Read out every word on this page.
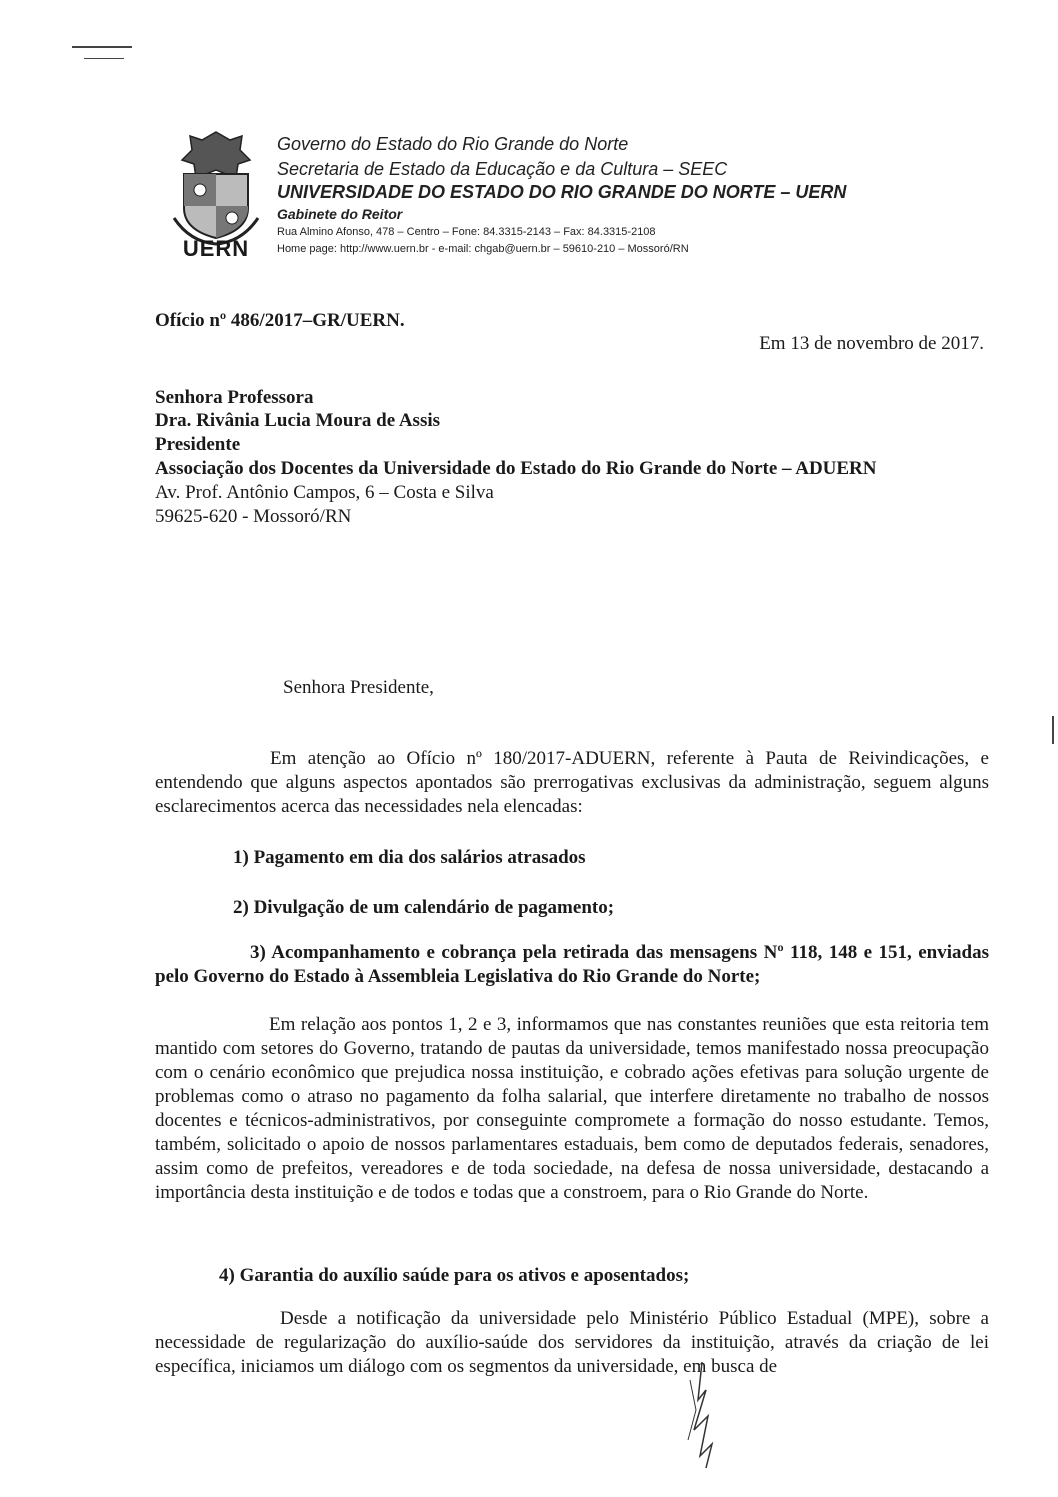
UERN
Governo do Estado do Rio Grande do Norte
Secretaria de Estado da Educação e da Cultura – SEEC
UNIVERSIDADE DO ESTADO DO RIO GRANDE DO NORTE – UERN
Gabinete do Reitor
Rua Almino Afonso, 478 – Centro – Fone: 84.3315-2143 – Fax: 84.3315-2108
Home page: http://www.uern.br - e-mail: chgab@uern.br – 59610-210 – Mossoró/RN
Ofício nº 486/2017–GR/UERN.
Em 13 de novembro de 2017.
Senhora Professora
Dra. Rivânia Lucia Moura de Assis
Presidente
Associação dos Docentes da Universidade do Estado do Rio Grande do Norte – ADUERN
Av. Prof. Antônio Campos, 6 – Costa e Silva
59625-620 - Mossoró/RN
Senhora Presidente,
Em atenção ao Ofício nº 180/2017-ADUERN, referente à Pauta de Reivindicações, e entendendo que alguns aspectos apontados são prerrogativas exclusivas da administração, seguem alguns esclarecimentos acerca das necessidades nela elencadas:
1) Pagamento em dia dos salários atrasados
2) Divulgação de um calendário de pagamento;
3) Acompanhamento e cobrança pela retirada das mensagens Nº 118, 148 e 151, enviadas pelo Governo do Estado à Assembleia Legislativa do Rio Grande do Norte;
Em relação aos pontos 1, 2 e 3, informamos que nas constantes reuniões que esta reitoria tem mantido com setores do Governo, tratando de pautas da universidade, temos manifestado nossa preocupação com o cenário econômico que prejudica nossa instituição, e cobrado ações efetivas para solução urgente de problemas como o atraso no pagamento da folha salarial, que interfere diretamente no trabalho de nossos docentes e técnicos-administrativos, por conseguinte compromete a formação do nosso estudante. Temos, também, solicitado o apoio de nossos parlamentares estaduais, bem como de deputados federais, senadores, assim como de prefeitos, vereadores e de toda sociedade, na defesa de nossa universidade, destacando a importância desta instituição e de todos e todas que a constroem, para o Rio Grande do Norte.
4) Garantia do auxílio saúde para os ativos e aposentados;
Desde a notificação da universidade pelo Ministério Público Estadual (MPE), sobre a necessidade de regularização do auxílio-saúde dos servidores da instituição, através da criação de lei específica, iniciamos um diálogo com os segmentos da universidade, em busca de
